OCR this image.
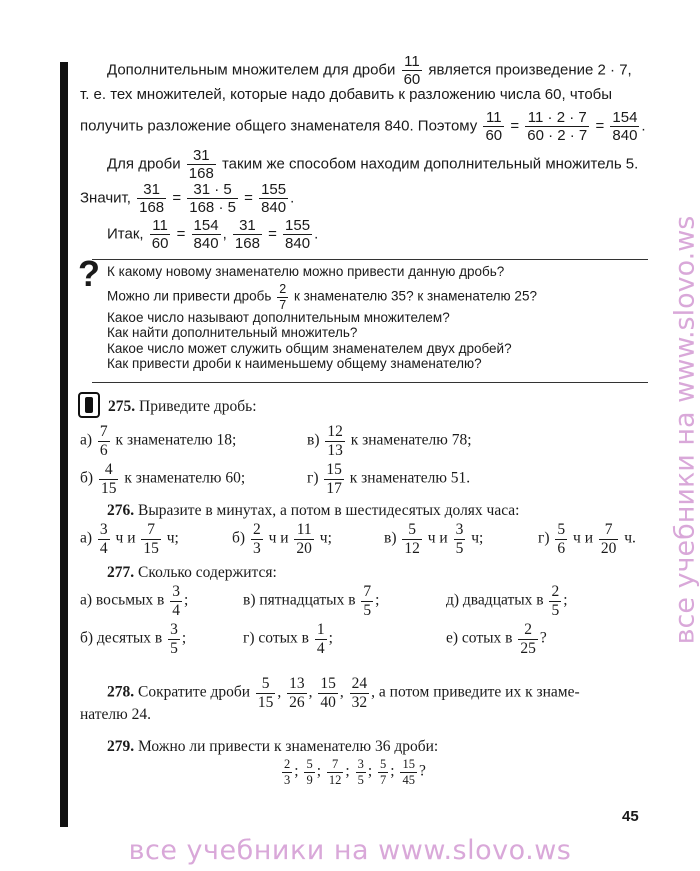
Дополнительным множителем для дроби $\frac{11}{60}$ является произведение 2 · 7,
т. е. тех множителей, которые надо добавить к разложению числа 60, чтобы
получить разложение общего знаменателя 840. Поэтому $\frac{11}{60} = \frac{11 \cdot 2 \cdot 7}{60 \cdot 2 \cdot 7} = \frac{154}{840}$ .
Для дроби $\frac{31}{168}$ таким же способом находим дополнительный множитель 5.
Значит, $\frac{31}{168} = \frac{31 \cdot 5}{168 \cdot 5} = \frac{155}{840}$ .
Итак, $\frac{11}{60} = \frac{154}{840}$ , $\frac{31}{168} = \frac{155}{840}$ .
? К какому новому знаменателю можно привести данную дробь?
Можно ли привести дробь $\frac{2}{7}$ к знаменателю 35? к знаменателю 25?
Какое число называют дополнительным множителем?
Как найти дополнительный множитель?
Какое число может служить общим знаменателем двух дробей?
Как привести дроби к наименьшему общему знаменателю?
275. Приведите дробь:
$а) \frac{7}{6}$ к знаменателю 18;	$в) \frac{12}{13}$ к знаменателю 78;
$б) \frac{4}{15}$ к знаменателю 60;	$г) \frac{15}{17}$ к знаменателю 51.
276. Выразите в минутах, а потом в шестидесятых долях часа:
$а) \frac{3}{4}$ ч и $\frac{7}{15} ч$;	$б) \frac{2}{3}$ ч и $\frac{11}{20} ч$;	$в) \frac{5}{12}$ ч и $\frac{3}{5} ч$;	$г) \frac{5}{6}$ ч и $\frac{7}{20} ч$.
277. Сколько содержится:
а) восьмых в $\frac{3}{4}$ ;	в) пятнадцатых в $\frac{7}{5}$ ;	д) двадцатых в $\frac{2}{5}$ ;
б) десятых в $\frac{3}{5}$ ;	г) сотых в $\frac{1}{4}$ ;	е) сотых в $\frac{2}{25}$ ?
278. Сократите дроби $\frac{5}{15}$ , $\frac{13}{26}$ , $\frac{15}{40}$ , $\frac{24}{32}$ , а потом приведите их к знаме-
нателю 24.
279. Можно ли привести к знаменателю 36 дроби:
$\frac{2}{3}$ ; $\frac{5}{9}$ ; $\frac{7}{12}$ ; $\frac{3}{5}$ ; $\frac{5}{7}$ ; $\frac{15}{45}$ ?
45
все учебники на www.slovo.ws
все учебники на www.slovo.ws
